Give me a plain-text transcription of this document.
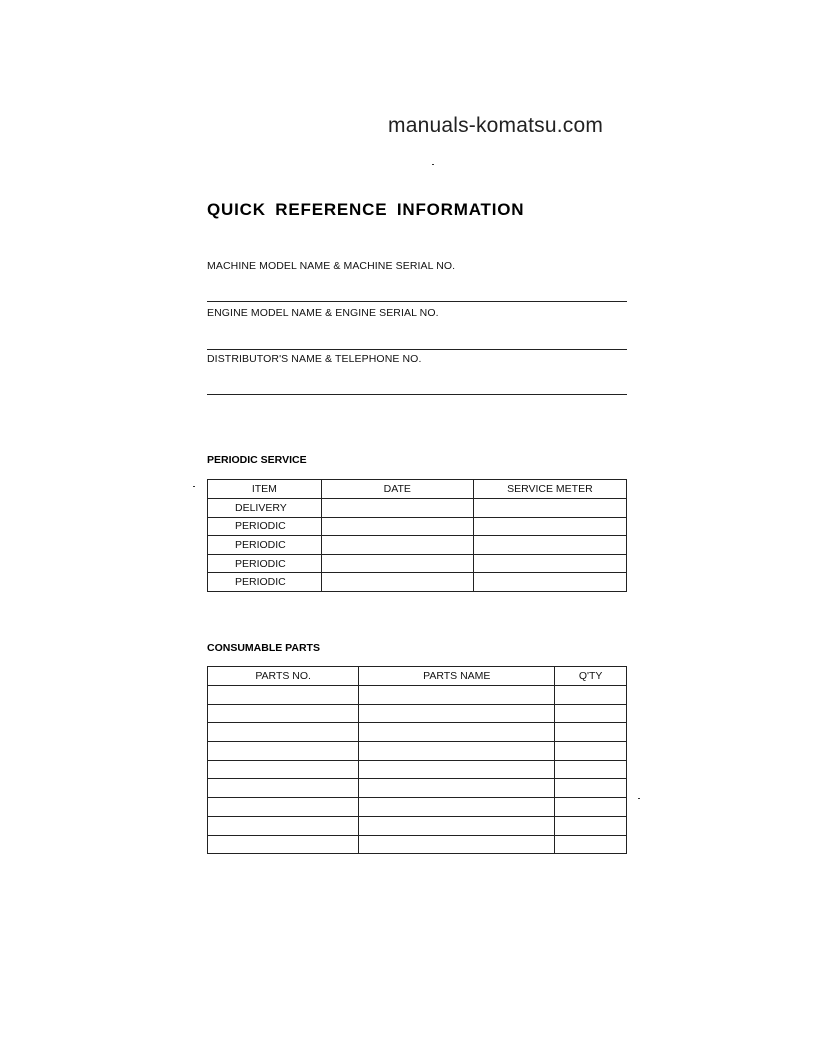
manuals-komatsu.com
QUICK REFERENCE INFORMATION
MACHINE MODEL NAME & MACHINE SERIAL NO.
ENGINE MODEL NAME & ENGINE SERIAL NO.
DISTRIBUTOR'S NAME & TELEPHONE NO.
PERIODIC SERVICE
ITEM	DATE	SERVICE METER
DELIVERY		
PERIODIC		
PERIODIC		
PERIODIC		
PERIODIC		
CONSUMABLE PARTS
PARTS NO.	PARTS NAME	Q'TY
